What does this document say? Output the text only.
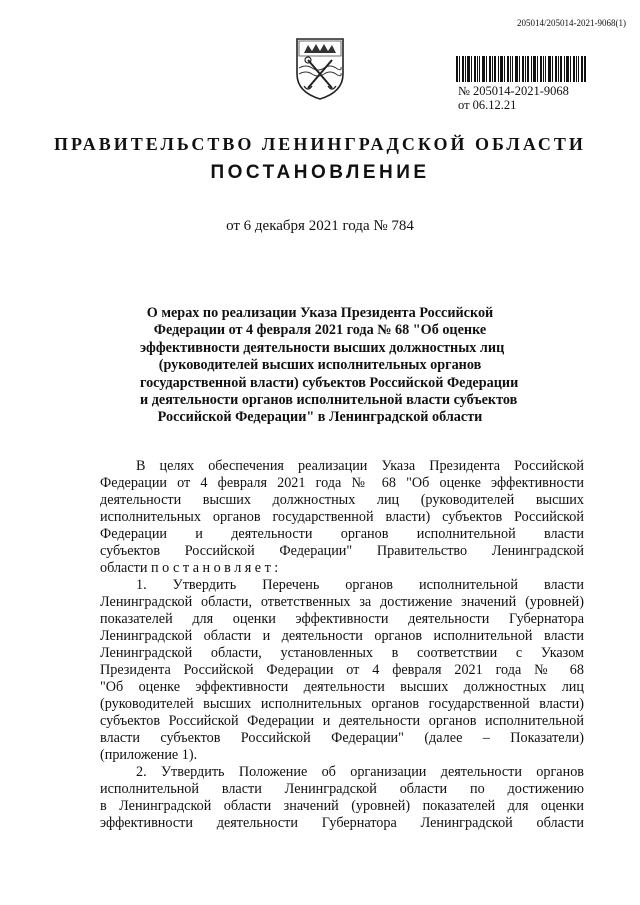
205014/205014-2021-9068(1)
№ 205014-2021-9068
от 06.12.21
ПРАВИТЕЛЬСТВО ЛЕНИНГРАДСКОЙ ОБЛАСТИ
ПОСТАНОВЛЕНИЕ
от 6 декабря 2021 года № 784
О мерах по реализации Указа Президента Российской
Федерации от 4 февраля 2021 года № 68 "Об оценке
эффективности деятельности высших должностных лиц
(руководителей высших исполнительных органов
государственной власти) субъектов Российской Федерации
и деятельности органов исполнительной власти субъектов
Российской Федерации" в Ленинградской области
В целях обеспечения реализации Указа Президента Российской
Федерации от 4 февраля 2021 года № 68 "Об оценке эффективности
деятельности высших должностных лиц (руководителей высших
исполнительных органов государственной власти) субъектов Российской
Федерации и деятельности органов исполнительной власти
субъектов Российской Федерации" Правительство Ленинградской
области постановляет:
1. Утвердить Перечень органов исполнительной власти
Ленинградской области, ответственных за достижение значений (уровней)
показателей для оценки эффективности деятельности Губернатора
Ленинградской области и деятельности органов исполнительной власти
Ленинградской области, установленных в соответствии с Указом
Президента Российской Федерации от 4 февраля 2021 года № 68
"Об оценке эффективности деятельности высших должностных лиц
(руководителей высших исполнительных органов государственной власти)
субъектов Российской Федерации и деятельности органов исполнительной
власти субъектов Российской Федерации" (далее – Показатели)
(приложение 1).
2. Утвердить Положение об организации деятельности органов
исполнительной власти Ленинградской области по достижению
в Ленинградской области значений (уровней) показателей для оценки
эффективности деятельности Губернатора Ленинградской области
